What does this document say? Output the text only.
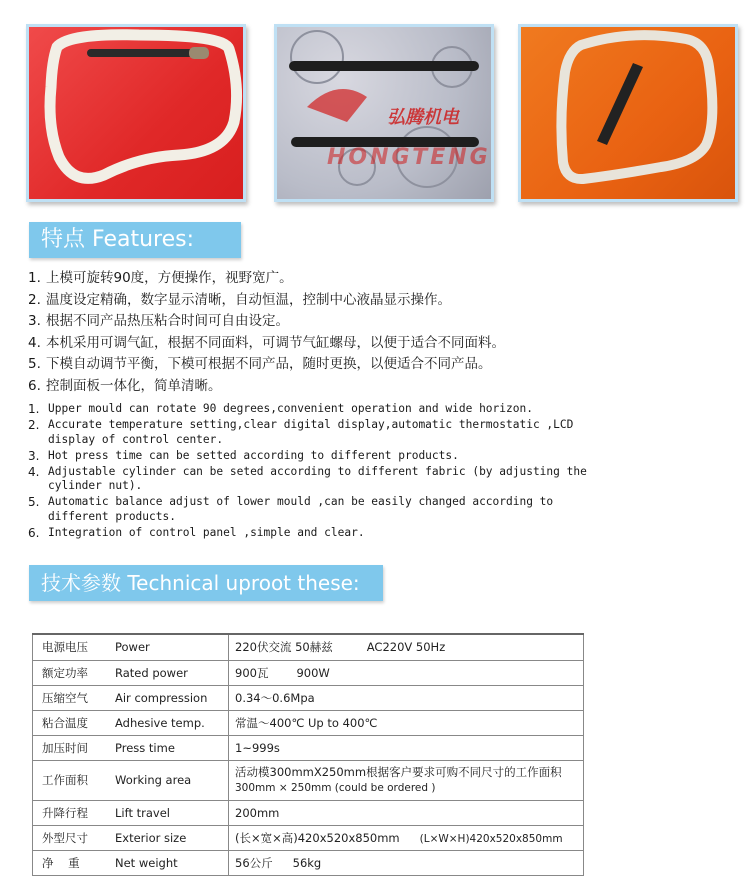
弘腾机电
HONGTENG
特点 Features:
1. 上模可旋转90度，方便操作，视野宽广。
2. 温度设定精确，数字显示清晰，自动恒温，控制中心液晶显示操作。
3. 根据不同产品热压粘合时间可自由设定。
4. 本机采用可调气缸，根据不同面料，可调节气缸螺母，以便于适合不同面料。
5. 下模自动调节平衡，下模可根据不同产品，随时更换，以便适合不同产品。
6. 控制面板一体化，简单清晰。
1. Upper mould can rotate 90 degrees,convenient operation and wide horizon.
2. Accurate temperature setting,clear digital display,automatic thermostatic ,LCD display of control center.
3. Hot press time can be setted according to different products.
4. Adjustable cylinder can be seted according to different fabric (by adjusting the cylinder nut).
5. Automatic balance adjust of lower mould ,can be easily changed according to different products.
6. Integration of control panel ,simple and clear.
技术参数 Technical uproot these:
电源电压	Power	220伏交流 50赫兹 AC220V 50Hz
额定功率	Rated power	900瓦 900W
压缩空气	Air compression	0.34～0.6Mpa
粘合温度	Adhesive temp.	常温～400℃ Up to 400℃
加压时间	Press time	1~999s
工作面积	Working area	活动模300mmX250mm根据客户要求可购不同尺寸的工作面积
300mm × 250mm (could be ordered )

升降行程	Lift travel	200mm
外型尺寸	Exterior size	(长×宽×高)420x520x850mm (L×W×H)420x520x850mm
净    重	Net weight	56公斤 56kg
